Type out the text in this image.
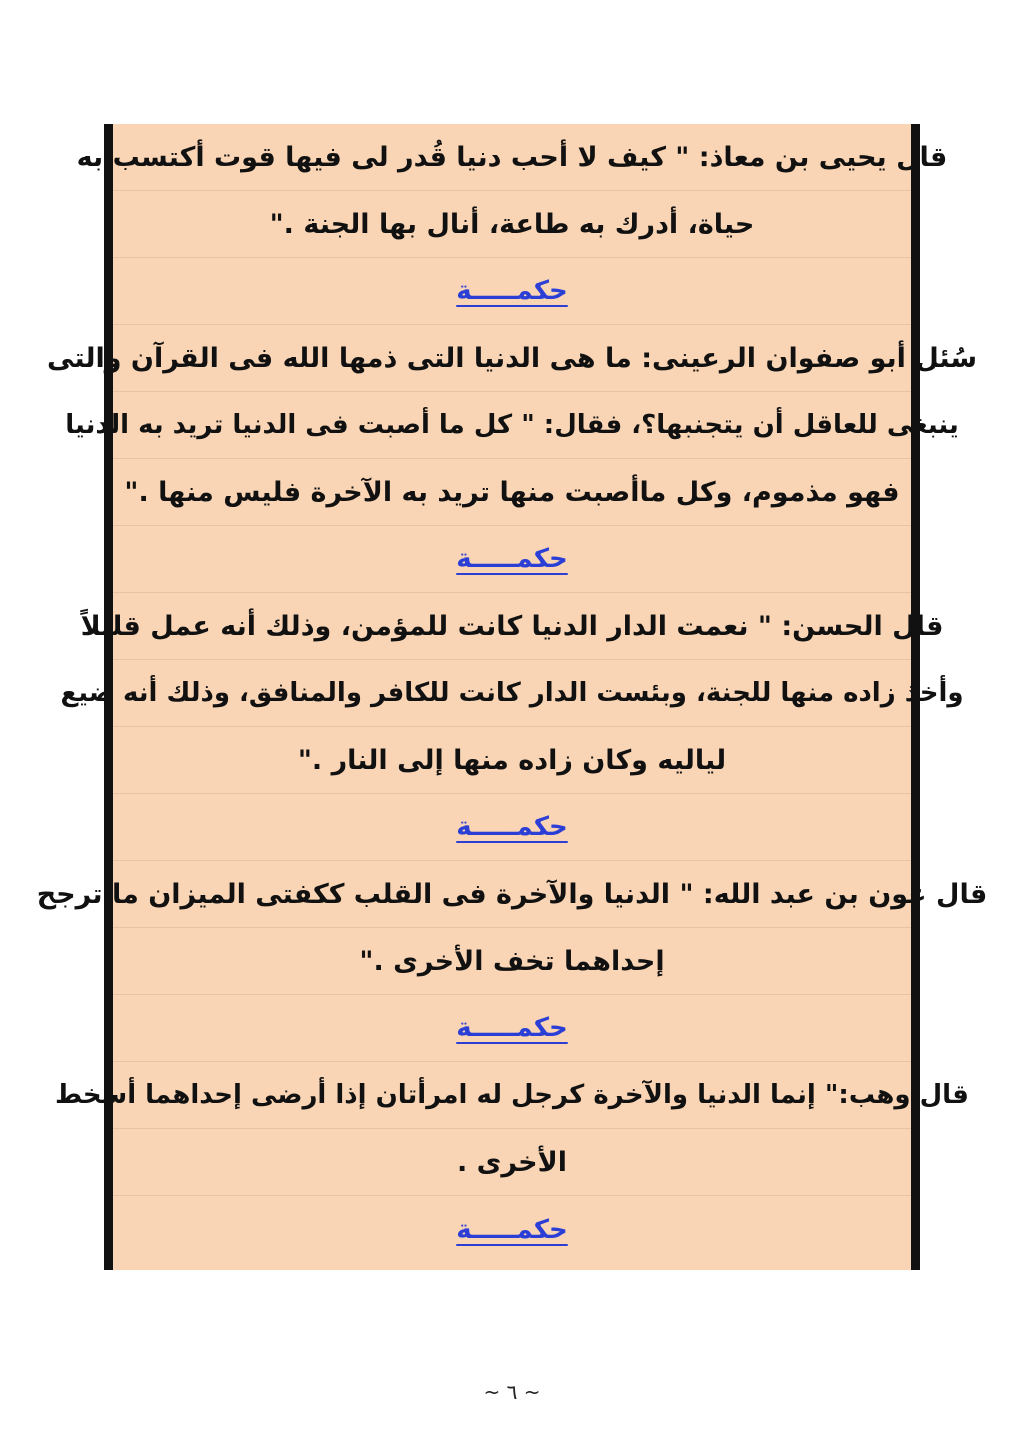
قال يحيى بن معاذ: " كيف لا أحب دنيا قُدر لى فيها قوت أكتسب به
حياة، أدرك به طاعة، أنال بها الجنة ."
حكمـــــة
سُئل أبو صفوان الرعينى: ما هى الدنيا التى ذمها الله فى القرآن والتى
ينبغى للعاقل أن يتجنبها؟، فقال: " كل ما أصبت فى الدنيا تريد به الدنيا
فهو مذموم، وكل ماأصبت منها تريد به الآخرة فليس منها ."
حكمـــــة
قال الحسن: " نعمت الدار الدنيا كانت للمؤمن، وذلك أنه عمل قليلاً
وأخذ زاده منها للجنة، وبئست الدار كانت للكافر والمنافق، وذلك أنه ضيع
لياليه وكان زاده منها إلى النار ."
حكمـــــة
قال عون بن عبد الله: " الدنيا والآخرة فى القلب ككفتى الميزان ما ترجح
إحداهما تخف الأخرى ."
حكمـــــة
قال وهب:" إنما الدنيا والآخرة كرجل له امرأتان إذا أرضى إحداهما أسخط
الأخرى .
حكمـــــة
~ ٦ ~
